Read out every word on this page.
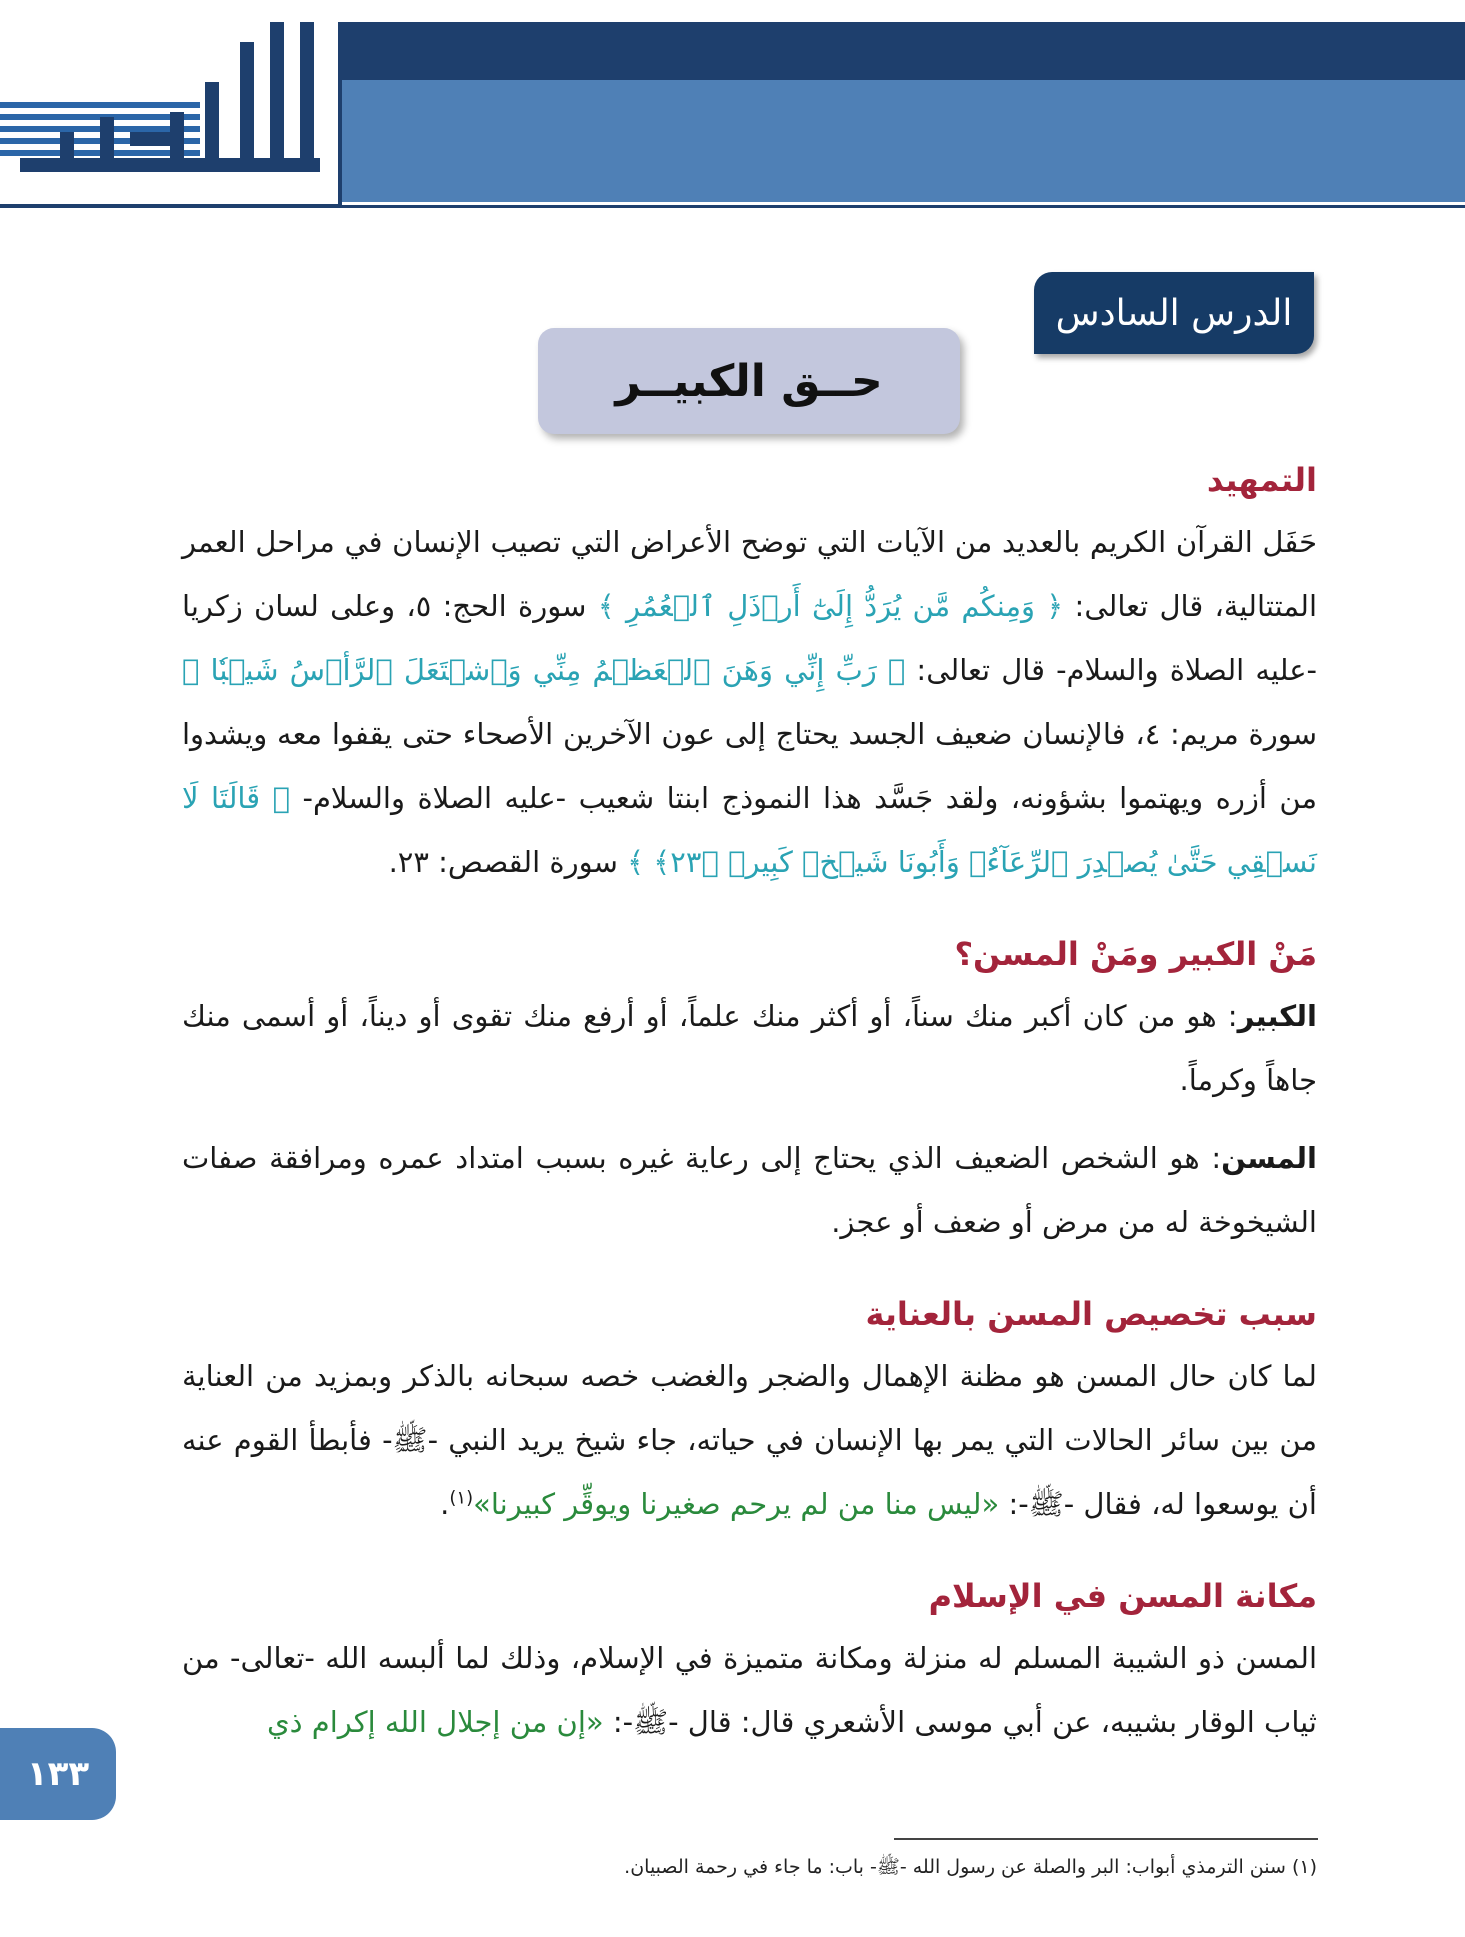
الدرس السادس
حــق الكبيــر
التمهيد

حَفَل القرآن الكريم بالعديد من الآيات التي توضح الأعراض التي تصيب الإنسان في مراحل العمر المتتالية، قال تعالى: ﴿ وَمِنكُم مَّن يُرَدُّ إِلَىٰٓ أَرۡذَلِ ٱلۡعُمُرِ ﴾ سورة الحج: ٥، وعلى لسان زكريا -عليه الصلاة والسلام- قال تعالى: ﴿ رَبِّ إِنِّي وَهَنَ ٱلۡعَظۡمُ مِنِّي وَٱشۡتَعَلَ ٱلرَّأۡسُ شَيۡبٗا ﴾ سورة مريم: ٤، فالإنسان ضعيف الجسد يحتاج إلى عون الآخرين الأصحاء حتى يقفوا معه ويشدوا من أزره ويهتموا بشؤونه، ولقد جَسَّد هذا النموذج ابنتا شعيب -عليه الصلاة والسلام- ﴿ قَالَتَا لَا نَسۡقِي حَتَّىٰ يُصۡدِرَ ٱلرِّعَآءُۖ وَأَبُونَا شَيۡخٞ كَبِيرٞ ﴿٢٣﴾ ﴾ سورة القصص: ٢٣.

مَنْ الكبير ومَنْ المسن؟

الكبير: هو من كان أكبر منك سناً، أو أكثر منك علماً، أو أرفع منك تقوى أو ديناً، أو أسمى منك جاهاً وكرماً.

المسن: هو الشخص الضعيف الذي يحتاج إلى رعاية غيره بسبب امتداد عمره ومرافقة صفات الشيخوخة له من مرض أو ضعف أو عجز.

سبب تخصيص المسن بالعناية

لما كان حال المسن هو مظنة الإهمال والضجر والغضب خصه سبحانه بالذكر وبمزيد من العناية من بين سائر الحالات التي يمر بها الإنسان في حياته، جاء شيخ يريد النبي -ﷺ- فأبطأ القوم عنه أن يوسعوا له، فقال -ﷺ-: «ليس منا من لم يرحم صغيرنا ويوقِّر كبيرنا»$^{(١)}$.

مكانة المسن في الإسلام

المسن ذو الشيبة المسلم له منزلة ومكانة متميزة في الإسلام، وذلك لما ألبسه الله -تعالى- من ثياب الوقار بشيبه، عن أبي موسى الأشعري قال: قال -ﷺ-: «إن من إجلال الله إكرام ذي

١٣٣
(١) سنن الترمذي أبواب: البر والصلة عن رسول الله -ﷺ- باب: ما جاء في رحمة الصبيان.
